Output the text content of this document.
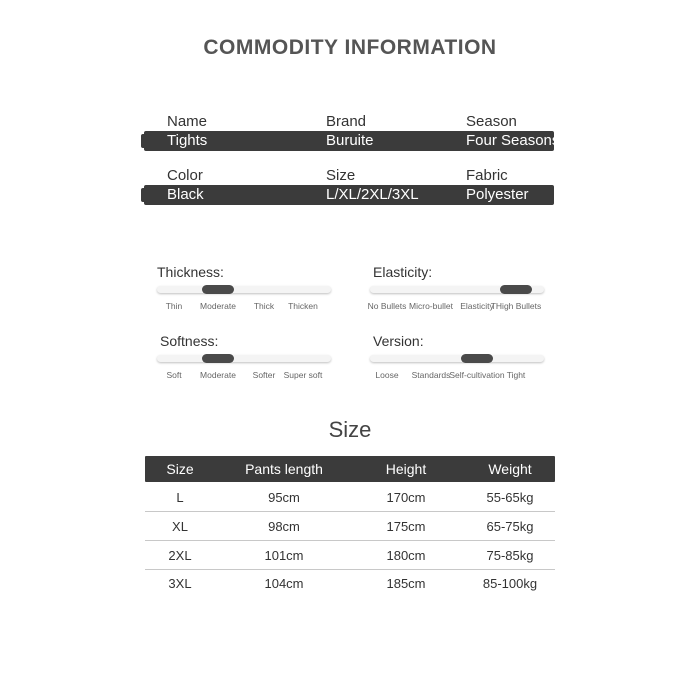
COMMODITY INFORMATION
Name	Brand	Season
Tights	Buruite	Four Seasons
Color	Size	Fabric
Black	L/XL/2XL/3XL	Polyester
Thickness:
Thin Moderate Thick Thicken
Elasticity:
No Bullets Micro-bullet Elasticity
THigh Bullets
Softness:
Soft Moderate Softer Super soft
Version:
Loose Standards
Self-cultivation Tight
Size
Size	Pants length	Height	Weight
L	95cm	170cm	55-65kg
XL	98cm	175cm	65-75kg
2XL	101cm	180cm	75-85kg
3XL	104cm	185cm	85-100kg
